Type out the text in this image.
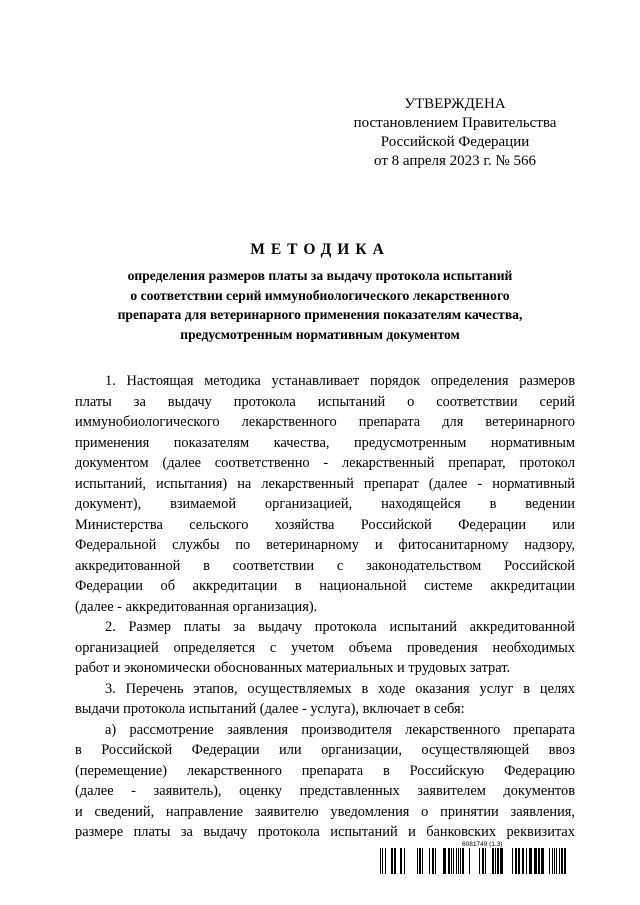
УТВЕРЖДЕНА
постановлением Правительства
Российской Федерации
от 8 апреля 2023 г. № 566
МЕТОДИКА
определения размеров платы за выдачу протокола испытаний
о соответствии серий иммунобиологического лекарственного
препарата для ветеринарного применения показателям качества,
предусмотренным нормативным документом
1. Настоящая методика устанавливает порядок определения размеров
платы за выдачу протокола испытаний о соответствии серий
иммунобиологического лекарственного препарата для ветеринарного
применения показателям качества, предусмотренным нормативным
документом (далее соответственно - лекарственный препарат, протокол
испытаний, испытания) на лекарственный препарат (далее - нормативный
документ), взимаемой организацией, находящейся в ведении
Министерства сельского хозяйства Российской Федерации или
Федеральной службы по ветеринарному и фитосанитарному надзору,
аккредитованной в соответствии с законодательством Российской
Федерации об аккредитации в национальной системе аккредитации
(далее - аккредитованная организация).
2. Размер платы за выдачу протокола испытаний аккредитованной
организацией определяется с учетом объема проведения необходимых
работ и экономически обоснованных материальных и трудовых затрат.
3. Перечень этапов, осуществляемых в ходе оказания услуг в целях
выдачи протокола испытаний (далее - услуга), включает в себя:
а) рассмотрение заявления производителя лекарственного препарата
в Российской Федерации или организации, осуществляющей ввоз
(перемещение) лекарственного препарата в Российскую Федерацию
(далее - заявитель), оценку представленных заявителем документов
и сведений, направление заявителю уведомления о принятии заявления,
размере платы за выдачу протокола испытаний и банковских реквизитах
6081749 (1.3)
